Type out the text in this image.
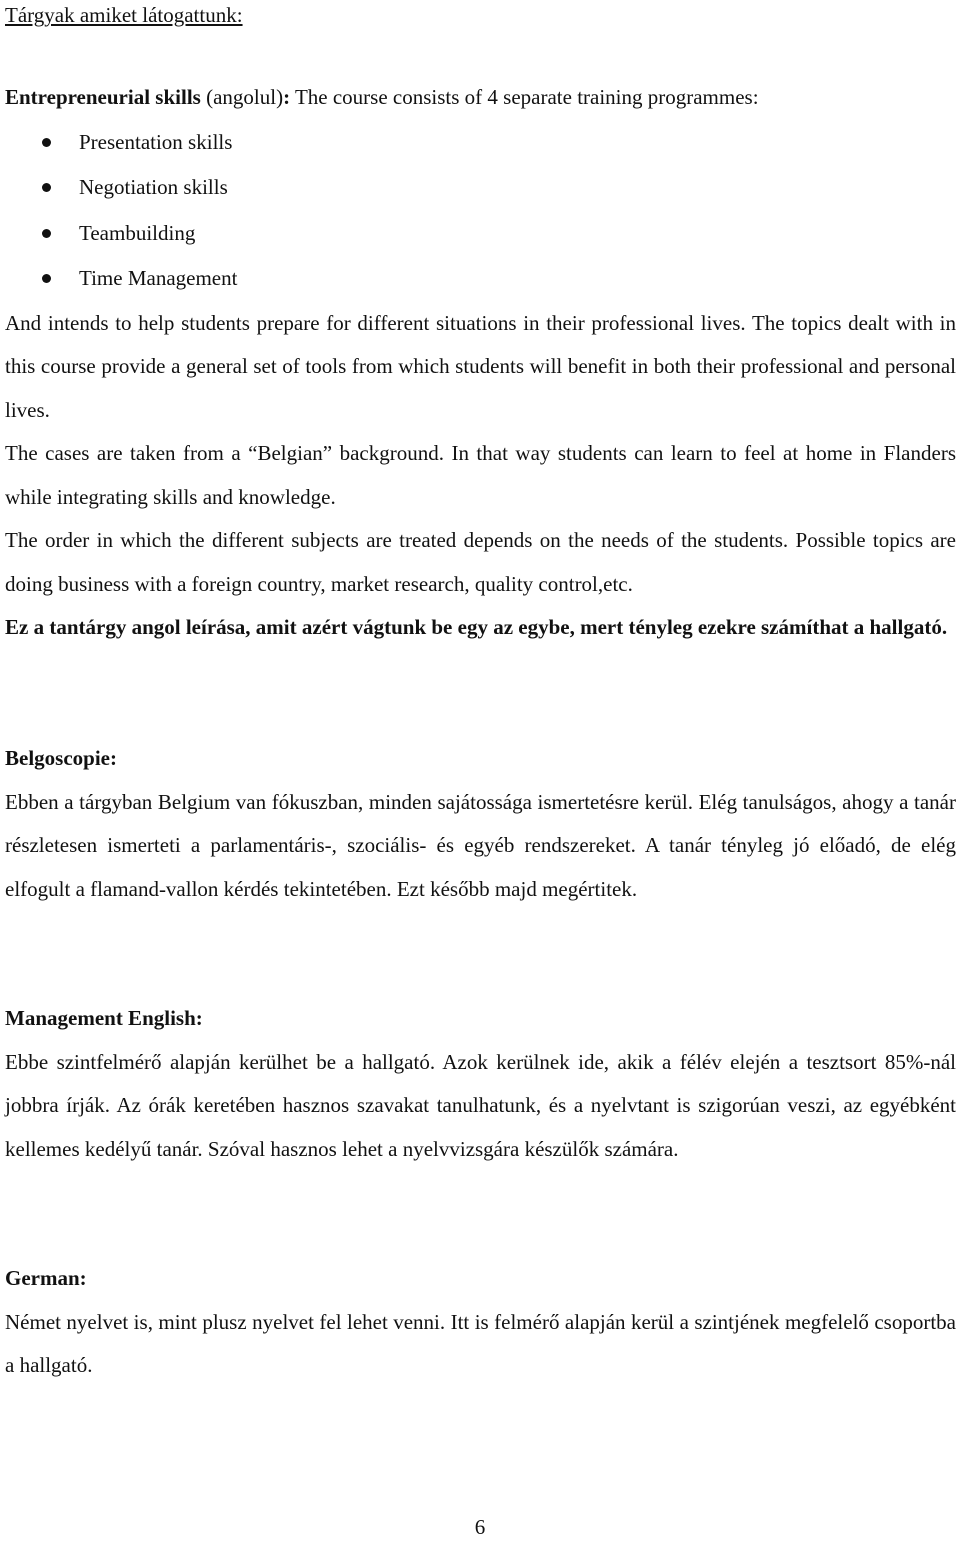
Tárgyak amiket látogattunk:

Entrepreneurial skills (angolul): The course consists of 4 separate training programmes:

Presentation skills
Negotiation skills
Teambuilding
Time Management

And intends to help students prepare for different situations in their professional lives. The topics dealt with in this course provide a general set of tools from which students will benefit in both their professional and personal lives.

The cases are taken from a “Belgian” background. In that way students can learn to feel at home in Flanders while integrating skills and knowledge.

The order in which the different subjects are treated depends on the needs of the students. Possible topics are doing business with a foreign country, market research, quality control,etc.

Ez a tantárgy angol leírása, amit azért vágtunk be egy az egybe, mert tényleg ezekre számíthat a hallgató.

Belgoscopie:

Ebben a tárgyban Belgium van fókuszban, minden sajátossága ismertetésre kerül. Elég tanulságos, ahogy a tanár részletesen ismerteti a parlamentáris-, szociális- és egyéb rendszereket. A tanár tényleg jó előadó, de elég elfogult a flamand-vallon kérdés tekintetében. Ezt később majd megértitek.

Management English:

Ebbe szintfelmérő alapján kerülhet be a hallgató. Azok kerülnek ide, akik a félév elején a tesztsort 85%-nál jobbra írják. Az órák keretében hasznos szavakat tanulhatunk, és a nyelvtant is szigorúan veszi, az egyébként kellemes kedélyű tanár. Szóval hasznos lehet a nyelvvizsgára készülők számára.

German:

Német nyelvet is, mint plusz nyelvet fel lehet venni. Itt is felmérő alapján kerül a szintjének megfelelő csoportba a hallgató.

6
